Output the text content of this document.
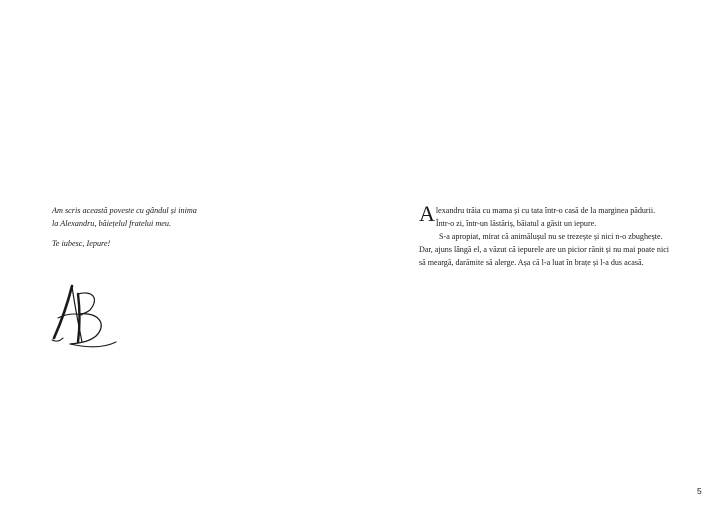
Am scris această poveste cu gândul și inima

la Alexandru, băiețelul fratelui meu.

Te iubesc, Iepure!

Alexandru trăia cu mama și cu tata într-o casă de la marginea pădurii.
Într-o zi, într-un lăstăriș, băiatul a găsit un iepure.

S-a apropiat, mirat că animălușul nu se trezește și nici n-o zbughește.
Dar, ajuns lângă el, a văzut că iepurele are un picior rănit și nu mai poate nici
să meargă, darămite să alerge. Așa că l-a luat în brațe și l-a dus acasă.

5
